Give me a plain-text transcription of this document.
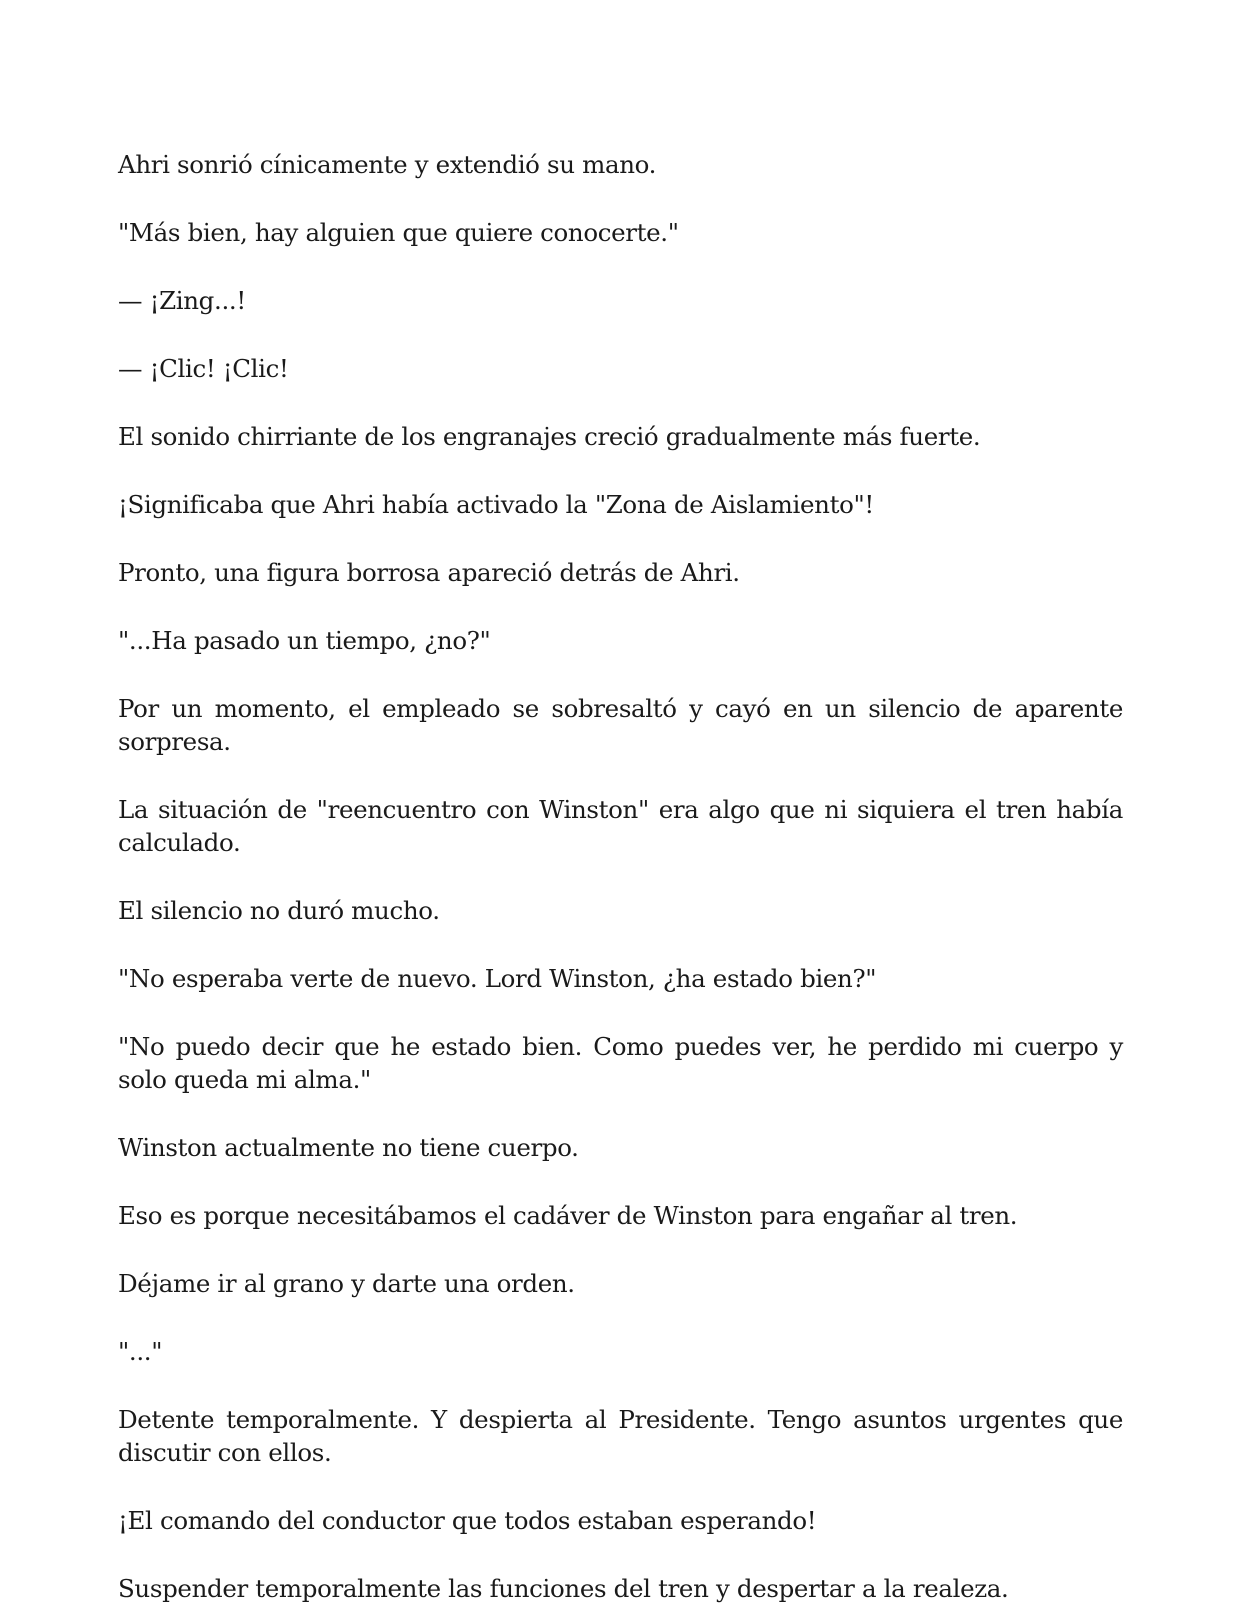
Ahri sonrió cínicamente y extendió su mano.

"Más bien, hay alguien que quiere conocerte."

— ¡Zing...!

— ¡Clic! ¡Clic!

El sonido chirriante de los engranajes creció gradualmente más fuerte.

¡Significaba que Ahri había activado la "Zona de Aislamiento"!

Pronto, una figura borrosa apareció detrás de Ahri.

"...Ha pasado un tiempo, ¿no?"

Por un momento, el empleado se sobresaltó y cayó en un silencio de aparente sorpresa.

La situación de "reencuentro con Winston" era algo que ni siquiera el tren había calculado.

El silencio no duró mucho.

"No esperaba verte de nuevo. Lord Winston, ¿ha estado bien?"

"No puedo decir que he estado bien. Como puedes ver, he perdido mi cuerpo y solo queda mi alma."

Winston actualmente no tiene cuerpo.

Eso es porque necesitábamos el cadáver de Winston para engañar al tren.

Déjame ir al grano y darte una orden.

"..."

Detente temporalmente. Y despierta al Presidente. Tengo asuntos urgentes que discutir con ellos.

¡El comando del conductor que todos estaban esperando!

Suspender temporalmente las funciones del tren y despertar a la realeza.
